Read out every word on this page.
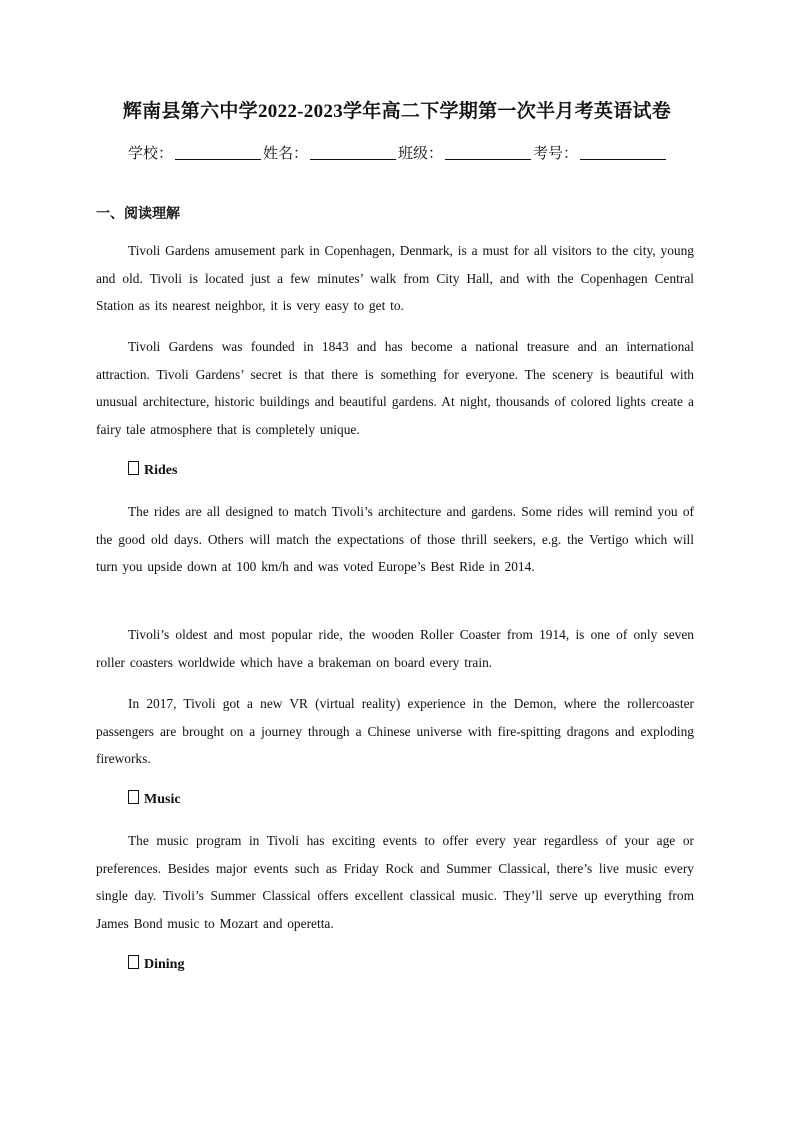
辉南县第六中学2022-2023学年高二下学期第一次半月考英语试卷
学校：	姓名：	班级：	考号：
一、阅读理解

Tivoli Gardens amusement park in Copenhagen, Denmark, is a must for all visitors to the city, young and old. Tivoli is located just a few minutes’ walk from City Hall, and with the Copenhagen Central Station as its nearest neighbor, it is very easy to get to.

Tivoli Gardens was founded in 1843 and has become a national treasure and an international attraction. Tivoli Gardens’ secret is that there is something for everyone. The scenery is beautiful with unusual architecture, historic buildings and beautiful gardens. At night, thousands of colored lights create a fairy tale atmosphere that is completely unique.

Rides

The rides are all designed to match Tivoli’s architecture and gardens. Some rides will remind you of the good old days. Others will match the expectations of those thrill seekers, e.g. the Vertigo which will turn you upside down at 100 km/h and was voted Europe’s Best Ride in 2014.

Tivoli’s oldest and most popular ride, the wooden Roller Coaster from 1914, is one of only seven roller coasters worldwide which have a brakeman on board every train.

In 2017, Tivoli got a new VR (virtual reality) experience in the Demon, where the rollercoaster passengers are brought on a journey through a Chinese universe with fire-spitting dragons and exploding fireworks.

Music

The music program in Tivoli has exciting events to offer every year regardless of your age or preferences. Besides major events such as Friday Rock and Summer Classical, there’s live music every single day. Tivoli’s Summer Classical offers excellent classical music. They’ll serve up everything from James Bond music to Mozart and operetta.

Dining
